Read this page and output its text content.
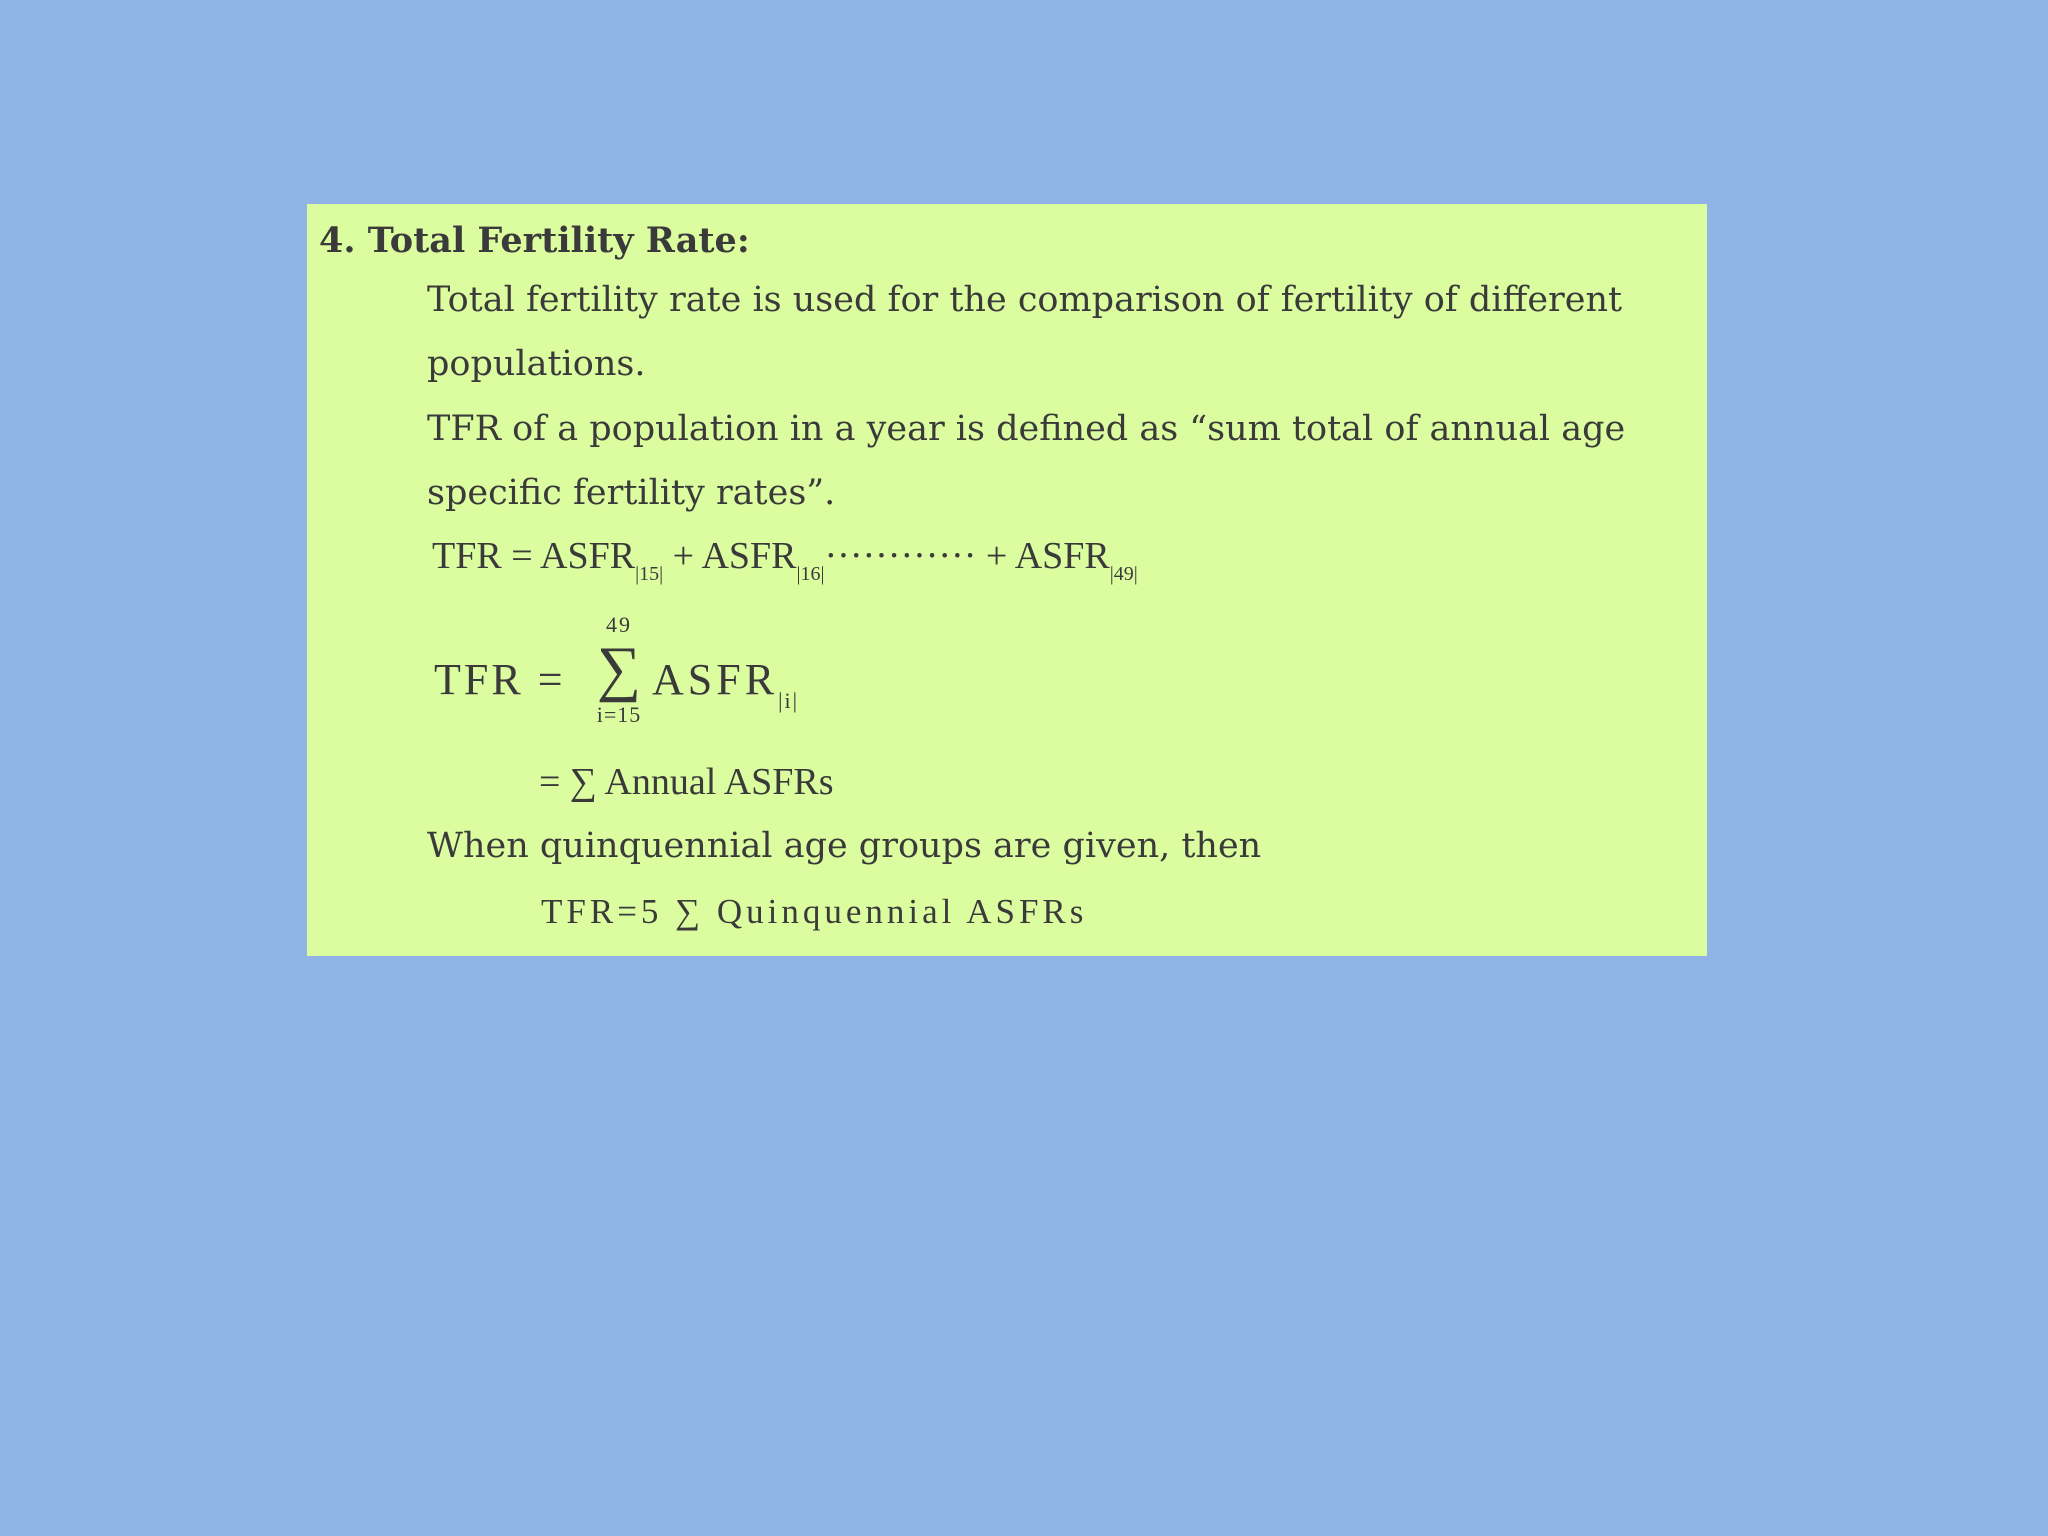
4. Total Fertility Rate:
Total fertility rate is used for the comparison of fertility of different
populations.
TFR of a population in a year is defined as “sum total of annual age
specific fertility rates”.
TFR = $ASFR_{|15|}$ + $ASFR_{|16|}\cdot\cdot\cdot\cdot\cdot\cdot\cdot\cdot\cdot\cdot\cdot\cdot$ + $ASFR_{|49|}$
TFR =
49
∑
i=15
$ASFR_{|i|}$
= ∑ Annual ASFRs
When quinquennial age groups are given, then
TFR=5 ∑ Quinquennial ASFRs
